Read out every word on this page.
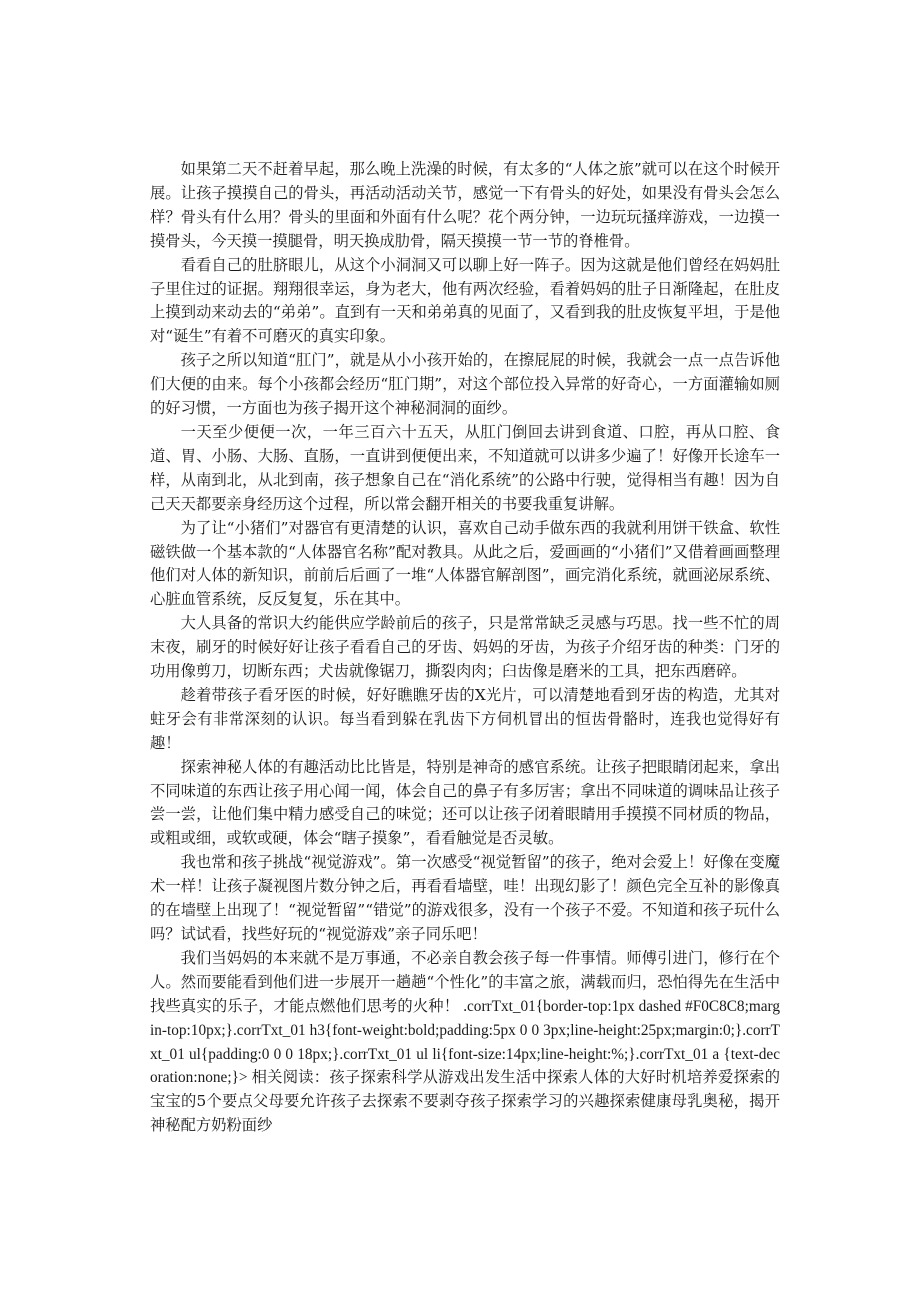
如果第二天不赶着早起，那么晚上洗澡的时候，有太多的“人体之旅”就可以在这个时候开展。让孩子摸摸自己的骨头，再活动活动关节，感觉一下有骨头的好处，如果没有骨头会怎么样？骨头有什么用？骨头的里面和外面有什么呢？花个两分钟，一边玩玩搔痒游戏，一边摸一摸骨头，今天摸一摸腿骨，明天换成肋骨，隔天摸摸一节一节的脊椎骨。

看看自己的肚脐眼儿，从这个小洞洞又可以聊上好一阵子。因为这就是他们曾经在妈妈肚子里住过的证据。翔翔很幸运，身为老大，他有两次经验，看着妈妈的肚子日渐隆起，在肚皮上摸到动来动去的“弟弟”。直到有一天和弟弟真的见面了，又看到我的肚皮恢复平坦，于是他对“诞生”有着不可磨灭的真实印象。

孩子之所以知道“肛门”，就是从小小孩开始的，在擦屁屁的时候，我就会一点一点告诉他们大便的由来。每个小孩都会经历“肛门期”，对这个部位投入异常的好奇心，一方面灌输如厕的好习惯，一方面也为孩子揭开这个神秘洞洞的面纱。

一天至少便便一次，一年三百六十五天，从肛门倒回去讲到食道、口腔，再从口腔、食道、胃、小肠、大肠、直肠，一直讲到便便出来，不知道就可以讲多少遍了！好像开长途车一样，从南到北，从北到南，孩子想象自己在“消化系统”的公路中行驶，觉得相当有趣！因为自己天天都要亲身经历这个过程，所以常会翻开相关的书要我重复讲解。

为了让“小猪们”对器官有更清楚的认识，喜欢自己动手做东西的我就利用饼干铁盒、软性磁铁做一个基本款的“人体器官名称”配对教具。从此之后，爱画画的“小猪们”又借着画画整理他们对人体的新知识，前前后后画了一堆“人体器官解剖图”，画完消化系统，就画泌尿系统、心脏血管系统，反反复复，乐在其中。

大人具备的常识大约能供应学龄前后的孩子，只是常常缺乏灵感与巧思。找一些不忙的周末夜，刷牙的时候好好让孩子看看自己的牙齿、妈妈的牙齿，为孩子介绍牙齿的种类：门牙的功用像剪刀，切断东西；犬齿就像锯刀，撕裂肉肉；臼齿像是磨米的工具，把东西磨碎。

趁着带孩子看牙医的时候，好好瞧瞧牙齿的X光片，可以清楚地看到牙齿的构造，尤其对蛀牙会有非常深刻的认识。每当看到躲在乳齿下方伺机冒出的恒齿骨骼时，连我也觉得好有趣！

探索神秘人体的有趣活动比比皆是，特别是神奇的感官系统。让孩子把眼睛闭起来，拿出不同味道的东西让孩子用心闻一闻，体会自己的鼻子有多厉害；拿出不同味道的调味品让孩子尝一尝，让他们集中精力感受自己的味觉；还可以让孩子闭着眼睛用手摸摸不同材质的物品，或粗或细，或软或硬，体会“瞎子摸象”，看看触觉是否灵敏。

我也常和孩子挑战“视觉游戏”。第一次感受“视觉暂留”的孩子，绝对会爱上！好像在变魔术一样！让孩子凝视图片数分钟之后，再看看墙壁，哇！出现幻影了！颜色完全互补的影像真的在墙壁上出现了！“视觉暂留”“错觉”的游戏很多，没有一个孩子不爱。不知道和孩子玩什么吗？试试看，找些好玩的“视觉游戏”亲子同乐吧！

我们当妈妈的本来就不是万事通，不必亲自教会孩子每一件事情。师傅引进门，修行在个人。然而要能看到他们进一步展开一趟趟“个性化”的丰富之旅，满载而归，恐怕得先在生活中找些真实的乐子，才能点燃他们思考的火种！ .corrTxt_01{border-top:1px dashed #F0C8C8;margin-top:10px;}.corrTxt_01 h3{font-weight:bold;padding:5px 0 0 3px;line-height:25px;margin:0;}.corrTxt_01 ul{padding:0 0 0 18px;}.corrTxt_01 ul li{font-size:14px;line-height:%;}.corrTxt_01 a {text-decoration:none;}> 相关阅读：孩子探索科学从游戏出发生活中探索人体的大好时机培养爱探索的宝宝的5个要点父母要允许孩子去探索不要剥夺孩子探索学习的兴趣探索健康母乳奥秘，揭开神秘配方奶粉面纱
